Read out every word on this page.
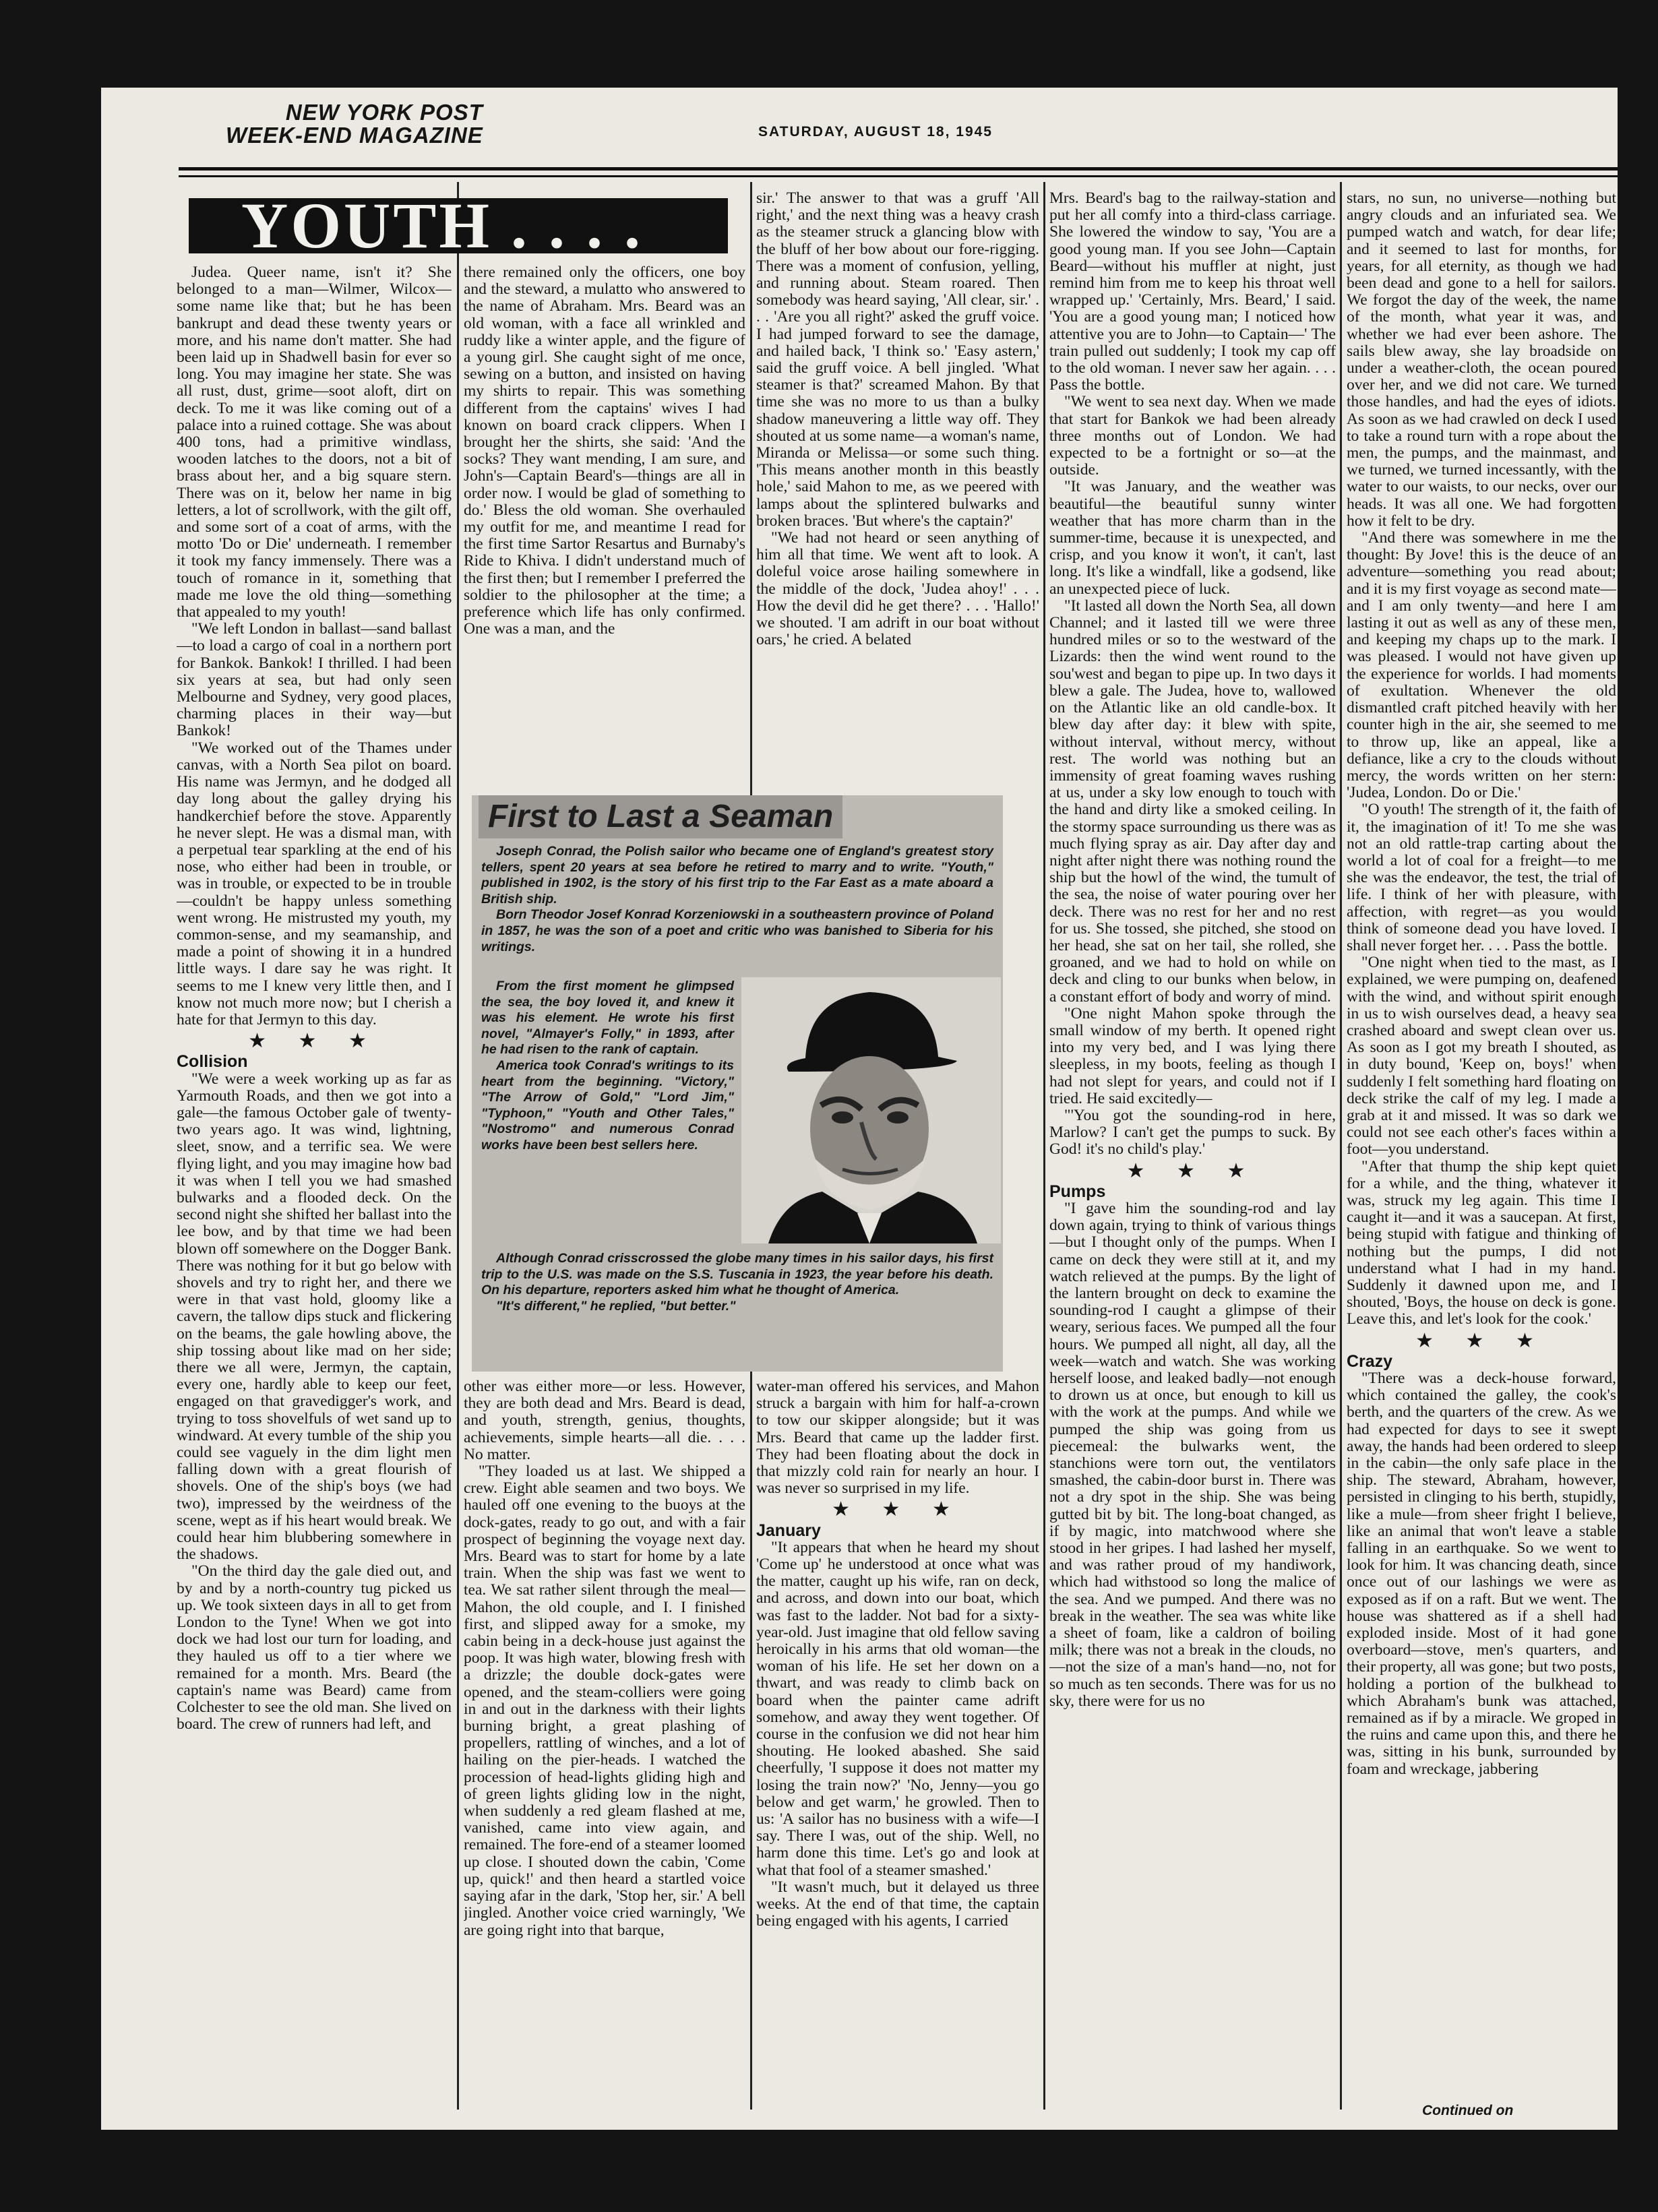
NEW YORK POST
WEEK-END MAGAZINE	SATURDAY, AUGUST 18, 1945
YOUTH . . . .

Judea. Queer name, isn't it? She belonged to a man—Wilmer, Wilcox—some name like that; but he has been bankrupt and dead these twenty years or more, and his name don't matter. She had been laid up in Shadwell basin for ever so long. You may imagine her state. She was all rust, dust, grime—soot aloft, dirt on deck. To me it was like coming out of a palace into a ruined cottage. She was about 400 tons, had a primitive windlass, wooden latches to the doors, not a bit of brass about her, and a big square stern. There was on it, below her name in big letters, a lot of scrollwork, with the gilt off, and some sort of a coat of arms, with the motto 'Do or Die' underneath. I remember it took my fancy immensely. There was a touch of romance in it, something that made me love the old thing—something that appealed to my youth!

"We left London in ballast—sand ballast—to load a cargo of coal in a northern port for Bankok. Bankok! I thrilled. I had been six years at sea, but had only seen Melbourne and Sydney, very good places, charming places in their way—but Bankok!

"We worked out of the Thames under canvas, with a North Sea pilot on board. His name was Jermyn, and he dodged all day long about the galley drying his handkerchief before the stove. Apparently he never slept. He was a dismal man, with a perpetual tear sparkling at the end of his nose, who either had been in trouble, or was in trouble, or expected to be in trouble—couldn't be happy unless something went wrong. He mistrusted my youth, my common-sense, and my seamanship, and made a point of showing it in a hundred little ways. I dare say he was right. It seems to me I knew very little then, and I know not much more now; but I cherish a hate for that Jermyn to this day.

★ ★ ★

Collision

"We were a week working up as far as Yarmouth Roads, and then we got into a gale—the famous October gale of twenty-two years ago. It was wind, lightning, sleet, snow, and a terrific sea. We were flying light, and you may imagine how bad it was when I tell you we had smashed bulwarks and a flooded deck. On the second night she shifted her ballast into the lee bow, and by that time we had been blown off somewhere on the Dogger Bank. There was nothing for it but go below with shovels and try to right her, and there we were in that vast hold, gloomy like a cavern, the tallow dips stuck and flickering on the beams, the gale howling above, the ship tossing about like mad on her side; there we all were, Jermyn, the captain, every one, hardly able to keep our feet, engaged on that gravedigger's work, and trying to toss shovelfuls of wet sand up to windward. At every tumble of the ship you could see vaguely in the dim light men falling down with a great flourish of shovels. One of the ship's boys (we had two), impressed by the weirdness of the scene, wept as if his heart would break. We could hear him blubbering somewhere in the shadows.

"On the third day the gale died out, and by and by a north-country tug picked us up. We took sixteen days in all to get from London to the Tyne! When we got into dock we had lost our turn for loading, and they hauled us off to a tier where we remained for a month. Mrs. Beard (the captain's name was Beard) came from Colchester to see the old man. She lived on board. The crew of runners had left, and

there remained only the officers, one boy and the steward, a mulatto who answered to the name of Abraham. Mrs. Beard was an old woman, with a face all wrinkled and ruddy like a winter apple, and the figure of a young girl. She caught sight of me once, sewing on a button, and insisted on having my shirts to repair. This was something different from the captains' wives I had known on board crack clippers. When I brought her the shirts, she said: 'And the socks? They want mending, I am sure, and John's—Captain Beard's—things are all in order now. I would be glad of something to do.' Bless the old woman. She overhauled my outfit for me, and meantime I read for the first time Sartor Resartus and Burnaby's Ride to Khiva. I didn't understand much of the first then; but I remember I preferred the soldier to the philosopher at the time; a preference which life has only confirmed. One was a man, and the

other was either more—or less. However, they are both dead and Mrs. Beard is dead, and youth, strength, genius, thoughts, achievements, simple hearts—all die. . . . No matter.

"They loaded us at last. We shipped a crew. Eight able seamen and two boys. We hauled off one evening to the buoys at the dock-gates, ready to go out, and with a fair prospect of beginning the voyage next day. Mrs. Beard was to start for home by a late train. When the ship was fast we went to tea. We sat rather silent through the meal—Mahon, the old couple, and I. I finished first, and slipped away for a smoke, my cabin being in a deck-house just against the poop. It was high water, blowing fresh with a drizzle; the double dock-gates were opened, and the steam-colliers were going in and out in the darkness with their lights burning bright, a great plashing of propellers, rattling of winches, and a lot of hailing on the pier-heads. I watched the procession of head-lights gliding high and of green lights gliding low in the night, when suddenly a red gleam flashed at me, vanished, came into view again, and remained. The fore-end of a steamer loomed up close. I shouted down the cabin, 'Come up, quick!' and then heard a startled voice saying afar in the dark, 'Stop her, sir.' A bell jingled. Another voice cried warningly, 'We are going right into that barque,

sir.' The answer to that was a gruff 'All right,' and the next thing was a heavy crash as the steamer struck a glancing blow with the bluff of her bow about our fore-rigging. There was a moment of confusion, yelling, and running about. Steam roared. Then somebody was heard saying, 'All clear, sir.' . . . 'Are you all right?' asked the gruff voice. I had jumped forward to see the damage, and hailed back, 'I think so.' 'Easy astern,' said the gruff voice. A bell jingled. 'What steamer is that?' screamed Mahon. By that time she was no more to us than a bulky shadow maneuvering a little way off. They shouted at us some name—a woman's name, Miranda or Melissa—or some such thing. 'This means another month in this beastly hole,' said Mahon to me, as we peered with lamps about the splintered bulwarks and broken braces. 'But where's the captain?'

"We had not heard or seen anything of him all that time. We went aft to look. A doleful voice arose hailing somewhere in the middle of the dock, 'Judea ahoy!' . . . How the devil did he get there? . . . 'Hallo!' we shouted. 'I am adrift in our boat without oars,' he cried. A belated

water-man offered his services, and Mahon struck a bargain with him for half-a-crown to tow our skipper alongside; but it was Mrs. Beard that came up the ladder first. They had been floating about the dock in that mizzly cold rain for nearly an hour. I was never so surprised in my life.

★ ★ ★

January

"It appears that when he heard my shout 'Come up' he understood at once what was the matter, caught up his wife, ran on deck, and across, and down into our boat, which was fast to the ladder. Not bad for a sixty-year-old. Just imagine that old fellow saving heroically in his arms that old woman—the woman of his life. He set her down on a thwart, and was ready to climb back on board when the painter came adrift somehow, and away they went together. Of course in the confusion we did not hear him shouting. He looked abashed. She said cheerfully, 'I suppose it does not matter my losing the train now?' 'No, Jenny—you go below and get warm,' he growled. Then to us: 'A sailor has no business with a wife—I say. There I was, out of the ship. Well, no harm done this time. Let's go and look at what that fool of a steamer smashed.'

"It wasn't much, but it delayed us three weeks. At the end of that time, the captain being engaged with his agents, I carried

Mrs. Beard's bag to the railway-station and put her all comfy into a third-class carriage. She lowered the window to say, 'You are a good young man. If you see John—Captain Beard—without his muffler at night, just remind him from me to keep his throat well wrapped up.' 'Certainly, Mrs. Beard,' I said. 'You are a good young man; I noticed how attentive you are to John—to Captain—' The train pulled out suddenly; I took my cap off to the old woman. I never saw her again. . . . Pass the bottle.

"We went to sea next day. When we made that start for Bankok we had been already three months out of London. We had expected to be a fortnight or so—at the outside.

"It was January, and the weather was beautiful—the beautiful sunny winter weather that has more charm than in the summer-time, because it is unexpected, and crisp, and you know it won't, it can't, last long. It's like a windfall, like a godsend, like an unexpected piece of luck.

"It lasted all down the North Sea, all down Channel; and it lasted till we were three hundred miles or so to the westward of the Lizards: then the wind went round to the sou'west and began to pipe up. In two days it blew a gale. The Judea, hove to, wallowed on the Atlantic like an old candle-box. It blew day after day: it blew with spite, without interval, without mercy, without rest. The world was nothing but an immensity of great foaming waves rushing at us, under a sky low enough to touch with the hand and dirty like a smoked ceiling. In the stormy space surrounding us there was as much flying spray as air. Day after day and night after night there was nothing round the ship but the howl of the wind, the tumult of the sea, the noise of water pouring over her deck. There was no rest for her and no rest for us. She tossed, she pitched, she stood on her head, she sat on her tail, she rolled, she groaned, and we had to hold on while on deck and cling to our bunks when below, in a constant effort of body and worry of mind.

"One night Mahon spoke through the small window of my berth. It opened right into my very bed, and I was lying there sleepless, in my boots, feeling as though I had not slept for years, and could not if I tried. He said excitedly—

"'You got the sounding-rod in here, Marlow? I can't get the pumps to suck. By God! it's no child's play.'

★ ★ ★

Pumps

"I gave him the sounding-rod and lay down again, trying to think of various things—but I thought only of the pumps. When I came on deck they were still at it, and my watch relieved at the pumps. By the light of the lantern brought on deck to examine the sounding-rod I caught a glimpse of their weary, serious faces. We pumped all the four hours. We pumped all night, all day, all the week—watch and watch. She was working herself loose, and leaked badly—not enough to drown us at once, but enough to kill us with the work at the pumps. And while we pumped the ship was going from us piecemeal: the bulwarks went, the stanchions were torn out, the ventilators smashed, the cabin-door burst in. There was not a dry spot in the ship. She was being gutted bit by bit. The long-boat changed, as if by magic, into matchwood where she stood in her gripes. I had lashed her myself, and was rather proud of my handiwork, which had withstood so long the malice of the sea. And we pumped. And there was no break in the weather. The sea was white like a sheet of foam, like a caldron of boiling milk; there was not a break in the clouds, no—not the size of a man's hand—no, not for so much as ten seconds. There was for us no sky, there were for us no

stars, no sun, no universe—nothing but angry clouds and an infuriated sea. We pumped watch and watch, for dear life; and it seemed to last for months, for years, for all eternity, as though we had been dead and gone to a hell for sailors. We forgot the day of the week, the name of the month, what year it was, and whether we had ever been ashore. The sails blew away, she lay broadside on under a weather-cloth, the ocean poured over her, and we did not care. We turned those handles, and had the eyes of idiots. As soon as we had crawled on deck I used to take a round turn with a rope about the men, the pumps, and the mainmast, and we turned, we turned incessantly, with the water to our waists, to our necks, over our heads. It was all one. We had forgotten how it felt to be dry.

"And there was somewhere in me the thought: By Jove! this is the deuce of an adventure—something you read about; and it is my first voyage as second mate—and I am only twenty—and here I am lasting it out as well as any of these men, and keeping my chaps up to the mark. I was pleased. I would not have given up the experience for worlds. I had moments of exultation. Whenever the old dismantled craft pitched heavily with her counter high in the air, she seemed to me to throw up, like an appeal, like a defiance, like a cry to the clouds without mercy, the words written on her stern: 'Judea, London. Do or Die.'

"O youth! The strength of it, the faith of it, the imagination of it! To me she was not an old rattle-trap carting about the world a lot of coal for a freight—to me she was the endeavor, the test, the trial of life. I think of her with pleasure, with affection, with regret—as you would think of someone dead you have loved. I shall never forget her. . . . Pass the bottle.

"One night when tied to the mast, as I explained, we were pumping on, deafened with the wind, and without spirit enough in us to wish ourselves dead, a heavy sea crashed aboard and swept clean over us. As soon as I got my breath I shouted, as in duty bound, 'Keep on, boys!' when suddenly I felt something hard floating on deck strike the calf of my leg. I made a grab at it and missed. It was so dark we could not see each other's faces within a foot—you understand.

"After that thump the ship kept quiet for a while, and the thing, whatever it was, struck my leg again. This time I caught it—and it was a saucepan. At first, being stupid with fatigue and thinking of nothing but the pumps, I did not understand what I had in my hand. Suddenly it dawned upon me, and I shouted, 'Boys, the house on deck is gone. Leave this, and let's look for the cook.'

★ ★ ★

Crazy

"There was a deck-house forward, which contained the galley, the cook's berth, and the quarters of the crew. As we had expected for days to see it swept away, the hands had been ordered to sleep in the cabin—the only safe place in the ship. The steward, Abraham, however, persisted in clinging to his berth, stupidly, like a mule—from sheer fright I believe, like an animal that won't leave a stable falling in an earthquake. So we went to look for him. It was chancing death, since once out of our lashings we were as exposed as if on a raft. But we went. The house was shattered as if a shell had exploded inside. Most of it had gone overboard—stove, men's quarters, and their property, all was gone; but two posts, holding a portion of the bulkhead to which Abraham's bunk was attached, remained as if by a miracle. We groped in the ruins and came upon this, and there he was, sitting in his bunk, surrounded by foam and wreckage, jabbering

First to Last a Seaman

Joseph Conrad, the Polish sailor who became one of England's greatest story tellers, spent 20 years at sea before he retired to marry and to write. "Youth," published in 1902, is the story of his first trip to the Far East as a mate aboard a British ship.

Born Theodor Josef Konrad Korzeniowski in a southeastern province of Poland in 1857, he was the son of a poet and critic who was banished to Siberia for his writings.

From the first moment he glimpsed the sea, the boy loved it, and knew it was his element. He wrote his first novel, "Almayer's Folly," in 1893, after he had risen to the rank of captain.

America took Conrad's writings to its heart from the beginning. "Victory," "The Arrow of Gold," "Lord Jim," "Typhoon," "Youth and Other Tales," "Nostromo" and numerous Conrad works have been best sellers here.

Although Conrad crisscrossed the globe many times in his sailor days, his first trip to the U.S. was made on the S.S. Tuscania in 1923, the year before his death. On his departure, reporters asked him what he thought of America.

"It's different," he replied, "but better."

Continued on
